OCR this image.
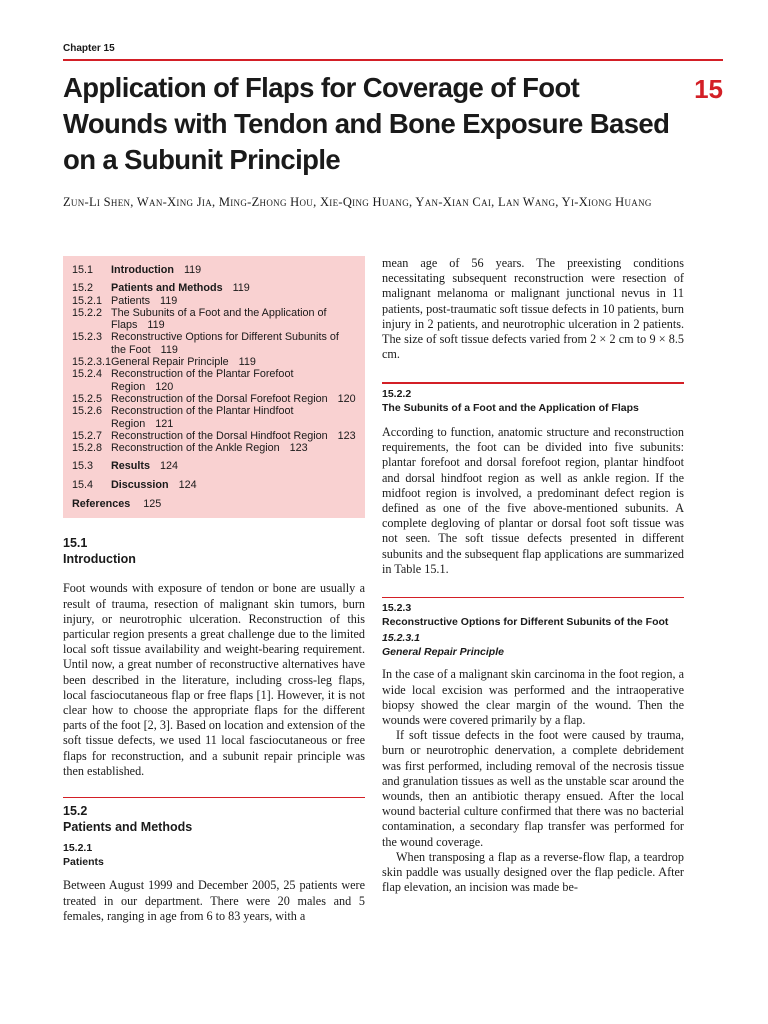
Chapter 15
15
Application of Flaps for Coverage of Foot Wounds with Tendon and Bone Exposure Based on a Subunit Principle
Zun-Li Shen, Wan-Xing Jia, Ming-Zhong Hou, Xie-Qing Huang, Yan-Xian Cai, Lan Wang, Yi-Xiong Huang
15.1	Introduction 119
15.2	Patients and Methods 119
15.2.1 Patients 119
15.2.2 The Subunits of a Foot and the Application of Flaps 119
15.2.3 Reconstructive Options for Different Subunits of the Foot 119
15.2.3.1 General Repair Principle 119
15.2.4 Reconstruction of the Plantar Forefoot Region 120
15.2.5 Reconstruction of the Dorsal Forefoot Region 120
15.2.6 Reconstruction of the Plantar Hindfoot Region 121
15.2.7 Reconstruction of the Dorsal Hindfoot Region 123
15.2.8 Reconstruction of the Ankle Region 123
15.3	Results 124
15.4	Discussion 124
References 125
15.1
Introduction

Foot wounds with exposure of tendon or bone are usually a result of trauma, resection of malignant skin tumors, burn injury, or neurotrophic ulceration. Reconstruction of this particular region presents a great challenge due to the limited local soft tissue availability and weight-bearing requirement. Until now, a great number of reconstructive alternatives have been described in the literature, including cross-leg flaps, local fasciocutaneous flap or free flaps [1]. However, it is not clear how to choose the appropriate flaps for the different parts of the foot [2, 3]. Based on location and extension of the soft tissue defects, we used 11 local fasciocutaneous or free flaps for reconstruction, and a subunit repair principle was then established.

15.2
Patients and Methods
15.2.1
Patients

Between August 1999 and December 2005, 25 patients were treated in our department. There were 20 males and 5 females, ranging in age from 6 to 83 years, with a

mean age of 56 years. The preexisting conditions necessitating subsequent reconstruction were resection of malignant melanoma or malignant junctional nevus in 11 patients, post-traumatic soft tissue defects in 10 patients, burn injury in 2 patients, and neurotrophic ulceration in 2 patients. The size of soft tissue defects varied from 2 × 2 cm to 9 × 8.5 cm.

15.2.2
The Subunits of a Foot and the Application of Flaps

According to function, anatomic structure and reconstruction requirements, the foot can be divided into five subunits: plantar forefoot and dorsal forefoot region, plantar hindfoot and dorsal hindfoot region as well as ankle region. If the midfoot region is involved, a predominant defect region is defined as one of the five above-mentioned subunits. A complete degloving of plantar or dorsal foot soft tissue was not seen. The soft tissue defects presented in different subunits and the subsequent flap applications are summarized in Table 15.1.

15.2.3
Reconstructive Options for Different Subunits of the Foot
15.2.3.1
General Repair Principle

In the case of a malignant skin carcinoma in the foot region, a wide local excision was performed and the intraoperative biopsy showed the clear margin of the wound. Then the wounds were covered primarily by a flap.

If soft tissue defects in the foot were caused by trauma, burn or neurotrophic denervation, a complete debridement was first performed, including removal of the necrosis tissue and granulation tissues as well as the unstable scar around the wounds, then an antibiotic therapy ensued. After the local wound bacterial culture confirmed that there was no bacterial contamination, a secondary flap transfer was performed for the wound coverage.

When transposing a flap as a reverse-flow flap, a teardrop skin paddle was usually designed over the flap pedicle. After flap elevation, an incision was made be-
